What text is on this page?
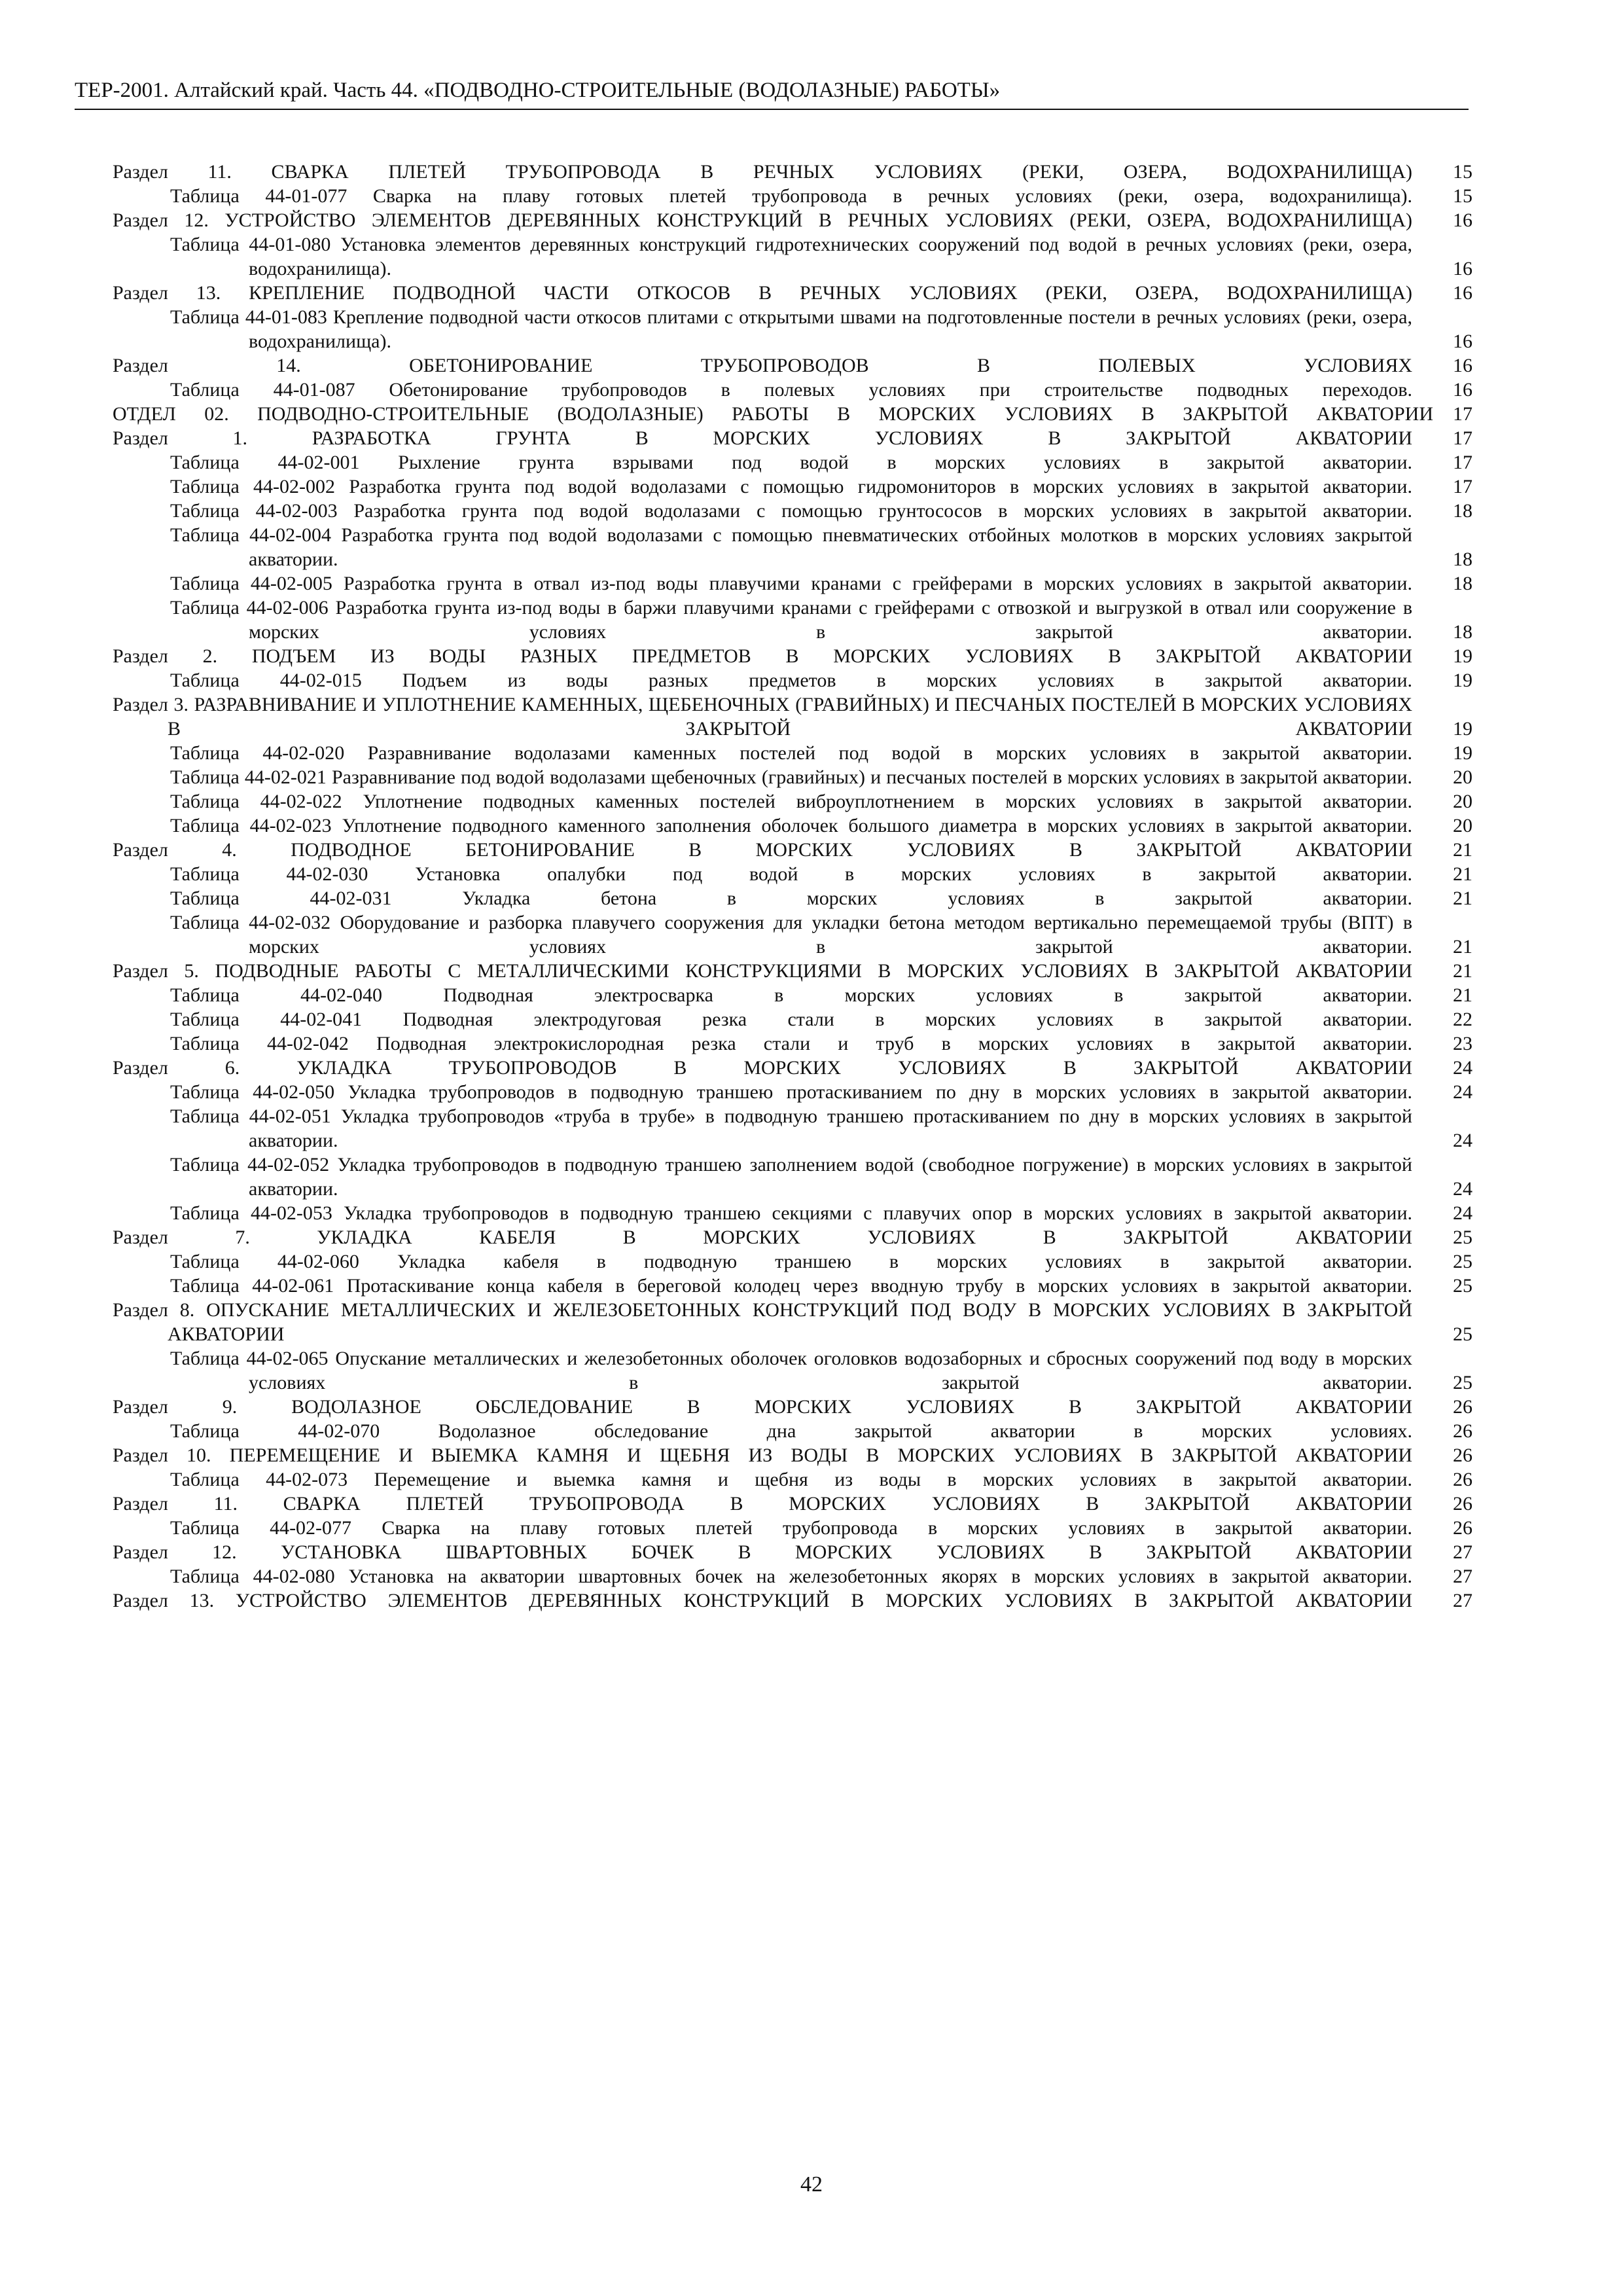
ТЕР-2001. Алтайский край. Часть 44. «ПОДВОДНО-СТРОИТЕЛЬНЫЕ (ВОДОЛАЗНЫЕ) РАБОТЫ»
Раздел 11. СВАРКА ПЛЕТЕЙ ТРУБОПРОВОДА В РЕЧНЫХ УСЛОВИЯХ (РЕКИ, ОЗЕРА, ВОДОХРАНИЛИЩА)	15
Таблица 44-01-077 Сварка на плаву готовых плетей трубопровода в речных условиях (реки, озера, водохранилища).	15
Раздел 12. УСТРОЙСТВО ЭЛЕМЕНТОВ ДЕРЕВЯННЫХ КОНСТРУКЦИЙ В РЕЧНЫХ УСЛОВИЯХ (РЕКИ, ОЗЕРА, ВОДОХРАНИЛИЩА)	16
Таблица 44-01-080 Установка элементов деревянных конструкций гидротехнических сооружений под водой в речных условиях (реки, озера, водохранилища).	16
Раздел 13. КРЕПЛЕНИЕ ПОДВОДНОЙ ЧАСТИ ОТКОСОВ В РЕЧНЫХ УСЛОВИЯХ (РЕКИ, ОЗЕРА, ВОДОХРАНИЛИЩА)	16
Таблица 44-01-083 Крепление подводной части откосов плитами с открытыми швами на подготовленные постели в речных условиях (реки, озера, водохранилища).	16
Раздел 14. ОБЕТОНИРОВАНИЕ ТРУБОПРОВОДОВ В ПОЛЕВЫХ УСЛОВИЯХ	16
Таблица 44-01-087 Обетонирование трубопроводов в полевых условиях при строительстве подводных переходов.	16
ОТДЕЛ 02. ПОДВОДНО-СТРОИТЕЛЬНЫЕ (ВОДОЛАЗНЫЕ) РАБОТЫ В МОРСКИХ УСЛОВИЯХ В ЗАКРЫТОЙ АКВАТОРИИ	17
Раздел 1. РАЗРАБОТКА ГРУНТА В МОРСКИХ УСЛОВИЯХ В ЗАКРЫТОЙ АКВАТОРИИ	17
Таблица 44-02-001 Рыхление грунта взрывами под водой в морских условиях в закрытой акватории.	17
Таблица 44-02-002 Разработка грунта под водой водолазами с помощью гидромониторов в морских условиях в закрытой акватории.	17
Таблица 44-02-003 Разработка грунта под водой водолазами с помощью грунтососов в морских условиях в закрытой акватории.	18
Таблица 44-02-004 Разработка грунта под водой водолазами с помощью пневматических отбойных молотков в морских условиях закрытой акватории.	18
Таблица 44-02-005 Разработка грунта в отвал из-под воды плавучими кранами с грейферами в морских условиях в закрытой акватории.	18
Таблица 44-02-006 Разработка грунта из-под воды в баржи плавучими кранами с грейферами с отвозкой и выгрузкой в отвал или сооружение в морских условиях в закрытой акватории.	18
Раздел 2. ПОДЪЕМ ИЗ ВОДЫ РАЗНЫХ ПРЕДМЕТОВ В МОРСКИХ УСЛОВИЯХ В ЗАКРЫТОЙ АКВАТОРИИ	19
Таблица 44-02-015 Подъем из воды разных предметов в морских условиях в закрытой акватории.	19
Раздел 3. РАЗРАВНИВАНИЕ И УПЛОТНЕНИЕ КАМЕННЫХ, ЩЕБЕНОЧНЫХ (ГРАВИЙНЫХ) И ПЕСЧАНЫХ ПОСТЕЛЕЙ В МОРСКИХ УСЛОВИЯХ В ЗАКРЫТОЙ АКВАТОРИИ	19
Таблица 44-02-020 Разравнивание водолазами каменных постелей под водой в морских условиях в закрытой акватории.	19
Таблица 44-02-021 Разравнивание под водой водолазами щебеночных (гравийных) и песчаных постелей в морских условиях в закрытой акватории.	20
Таблица 44-02-022 Уплотнение подводных каменных постелей виброуплотнением в морских условиях в закрытой акватории.	20
Таблица 44-02-023 Уплотнение подводного каменного заполнения оболочек большого диаметра в морских условиях в закрытой акватории.	20
Раздел 4. ПОДВОДНОЕ БЕТОНИРОВАНИЕ В МОРСКИХ УСЛОВИЯХ В ЗАКРЫТОЙ АКВАТОРИИ	21
Таблица 44-02-030 Установка опалубки под водой в морских условиях в закрытой акватории.	21
Таблица 44-02-031 Укладка бетона в морских условиях в закрытой акватории.	21
Таблица 44-02-032 Оборудование и разборка плавучего сооружения для укладки бетона методом вертикально перемещаемой трубы (ВПТ) в морских условиях в закрытой акватории.	21
Раздел 5. ПОДВОДНЫЕ РАБОТЫ С МЕТАЛЛИЧЕСКИМИ КОНСТРУКЦИЯМИ В МОРСКИХ УСЛОВИЯХ В ЗАКРЫТОЙ АКВАТОРИИ	21
Таблица 44-02-040 Подводная электросварка в морских условиях в закрытой акватории.	21
Таблица 44-02-041 Подводная электродуговая резка стали в морских условиях в закрытой акватории.	22
Таблица 44-02-042 Подводная электрокислородная резка стали и труб в морских условиях в закрытой акватории.	23
Раздел 6. УКЛАДКА ТРУБОПРОВОДОВ В МОРСКИХ УСЛОВИЯХ В ЗАКРЫТОЙ АКВАТОРИИ	24
Таблица 44-02-050 Укладка трубопроводов в подводную траншею протаскиванием по дну в морских условиях в закрытой акватории.	24
Таблица 44-02-051 Укладка трубопроводов «труба в трубе» в подводную траншею протаскиванием по дну в морских условиях в закрытой акватории.	24
Таблица 44-02-052 Укладка трубопроводов в подводную траншею заполнением водой (свободное погружение) в морских условиях в закрытой акватории.	24
Таблица 44-02-053 Укладка трубопроводов в подводную траншею секциями с плавучих опор в морских условиях в закрытой акватории.	24
Раздел 7. УКЛАДКА КАБЕЛЯ В МОРСКИХ УСЛОВИЯХ В ЗАКРЫТОЙ АКВАТОРИИ	25
Таблица 44-02-060 Укладка кабеля в подводную траншею в морских условиях в закрытой акватории.	25
Таблица 44-02-061 Протаскивание конца кабеля в береговой колодец через вводную трубу в морских условиях в закрытой акватории.	25
Раздел 8. ОПУСКАНИЕ МЕТАЛЛИЧЕСКИХ И ЖЕЛЕЗОБЕТОННЫХ КОНСТРУКЦИЙ ПОД ВОДУ В МОРСКИХ УСЛОВИЯХ В ЗАКРЫТОЙ АКВАТОРИИ	25
Таблица 44-02-065 Опускание металлических и железобетонных оболочек оголовков водозаборных и сбросных сооружений под воду в морских условиях в закрытой акватории.	25
Раздел 9. ВОДОЛАЗНОЕ ОБСЛЕДОВАНИЕ В МОРСКИХ УСЛОВИЯХ В ЗАКРЫТОЙ АКВАТОРИИ	26
Таблица 44-02-070 Водолазное обследование дна закрытой акватории в морских условиях.	26
Раздел 10. ПЕРЕМЕЩЕНИЕ И ВЫЕМКА КАМНЯ И ЩЕБНЯ ИЗ ВОДЫ В МОРСКИХ УСЛОВИЯХ В ЗАКРЫТОЙ АКВАТОРИИ	26
Таблица 44-02-073 Перемещение и выемка камня и щебня из воды в морских условиях в закрытой акватории.	26
Раздел 11. СВАРКА ПЛЕТЕЙ ТРУБОПРОВОДА В МОРСКИХ УСЛОВИЯХ В ЗАКРЫТОЙ АКВАТОРИИ	26
Таблица 44-02-077 Сварка на плаву готовых плетей трубопровода в морских условиях в закрытой акватории.	26
Раздел 12. УСТАНОВКА ШВАРТОВНЫХ БОЧЕК В МОРСКИХ УСЛОВИЯХ В ЗАКРЫТОЙ АКВАТОРИИ	27
Таблица 44-02-080 Установка на акватории швартовных бочек на железобетонных якорях в морских условиях в закрытой акватории.	27
Раздел 13. УСТРОЙСТВО ЭЛЕМЕНТОВ ДЕРЕВЯННЫХ КОНСТРУКЦИЙ В МОРСКИХ УСЛОВИЯХ В ЗАКРЫТОЙ АКВАТОРИИ	27
42
